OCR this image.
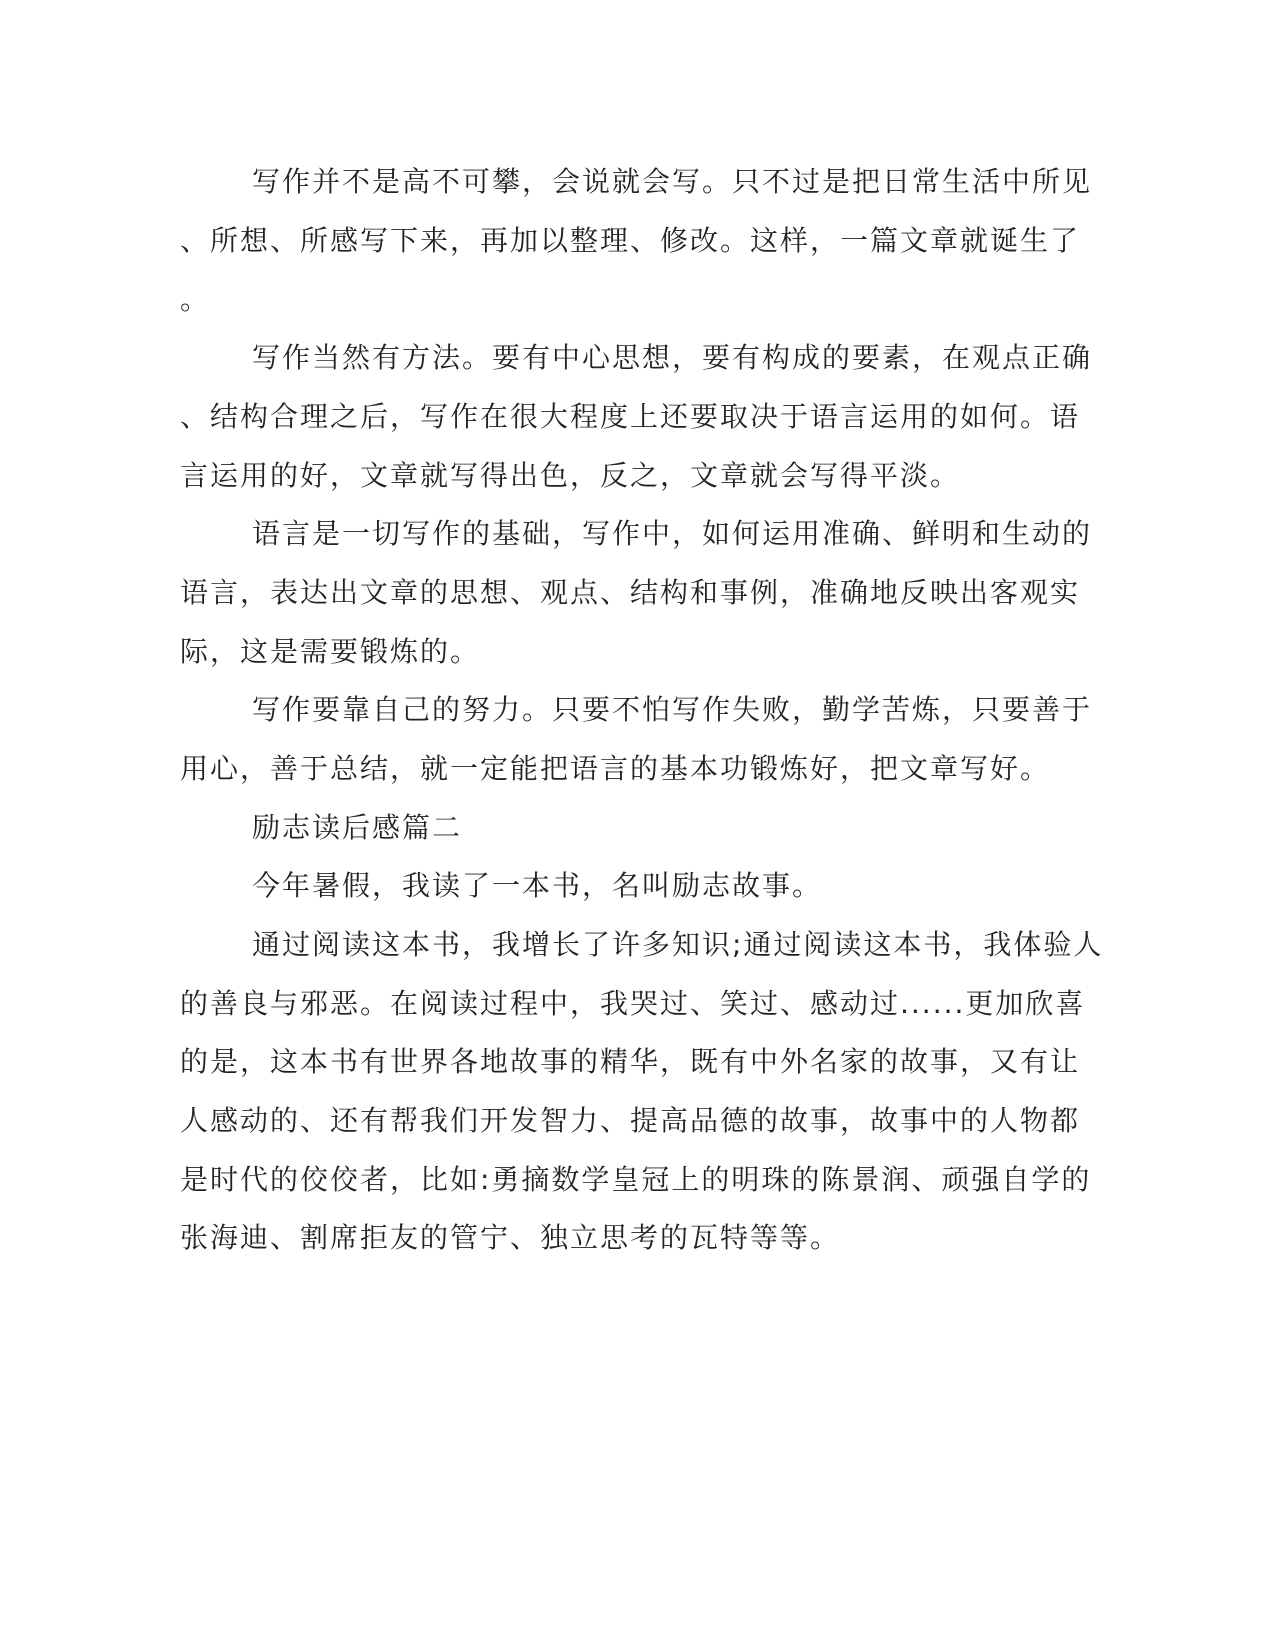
写作并不是高不可攀，会说就会写。只不过是把日常生活中所见
、所想、所感写下来，再加以整理、修改。这样，一篇文章就诞生了
。
写作当然有方法。要有中心思想，要有构成的要素，在观点正确
、结构合理之后，写作在很大程度上还要取决于语言运用的如何。语
言运用的好，文章就写得出色，反之，文章就会写得平淡。
语言是一切写作的基础，写作中，如何运用准确、鲜明和生动的
语言，表达出文章的思想、观点、结构和事例，准确地反映出客观实
际，这是需要锻炼的。
写作要靠自己的努力。只要不怕写作失败，勤学苦炼，只要善于
用心，善于总结，就一定能把语言的基本功锻炼好，把文章写好。
励志读后感篇二
今年暑假，我读了一本书，名叫励志故事。
通过阅读这本书，我增长了许多知识;通过阅读这本书，我体验人
的善良与邪恶。在阅读过程中，我哭过、笑过、感动过......更加欣喜
的是，这本书有世界各地故事的精华，既有中外名家的故事，又有让
人感动的、还有帮我们开发智力、提高品德的故事，故事中的人物都
是时代的佼佼者，比如:勇摘数学皇冠上的明珠的陈景润、顽强自学的
张海迪、割席拒友的管宁、独立思考的瓦特等等。
